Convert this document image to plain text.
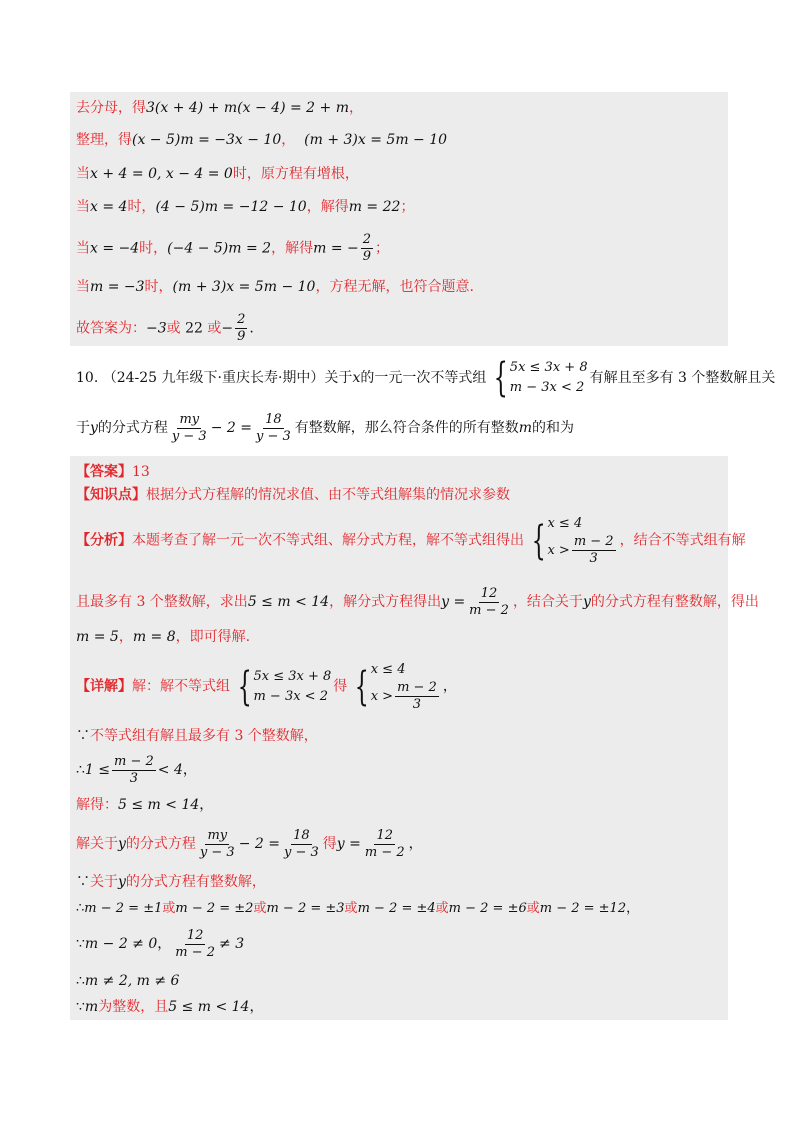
去分母，得3(x + 4) + m(x − 4) = 2 + m，
整理，得(x − 5)m = −3x − 10， (m + 3)x = 5m − 10
当x + 4 = 0, x − 4 = 0时，原方程有增根，
当x = 4时，(4 − 5)m = −12 − 10，解得m = 22；
当x = −4时，(−4 − 5)m = 2，解得m = − $\frac{2}{9}$ ；
当m = −3时，(m + 3)x = 5m − 10，方程无解，也符合题意.
故答案为：−3或 22 或− $\frac{2}{9}$ .
10. （24-25 九年级下·重庆长寿·期中）关于x的一元一次不等式组 { 5x ≤ 3x + 8
m − 3x < 2
有解且至多有 3 个整数解且关
于y的分式方程 $\frac{my}{y - 3} - 2 = \frac{18}{y - 3}$ 有整数解，那么符合条件的所有整数m的和为
【答案】13
【知识点】根据分式方程解的情况求值、由不等式组解集的情况求参数
【分析】本题考查了解一元一次不等式组、解分式方程，解不等式组得出 { x ≤ 4
$x > \frac{m - 2}{3}$ ，结合不等式组有解
且最多有 3 个整数解，求出5 ≤ m < 14，解分式方程得出$y = \frac{12}{m - 2}$ ，结合关于y的分式方程有整数解，得出
m = 5，m = 8，即可得解.
【详解】解：解不等式组 { 5x ≤ 3x + 8
m − 3x < 2
得 { x ≤ 4
$x > \frac{m - 2}{3}$ ，
∵不等式组有解且最多有 3 个整数解，
∴1 ≤ $\frac{m - 2}{3} < 4$，
解得：5 ≤ m < 14，
解关于y的分式方程 $\frac{my}{y - 3} - 2 = \frac{18}{y - 3}$ 得$y = \frac{12}{m - 2}$ ，
∵关于y的分式方程有整数解，
∴m − 2 = ±1或m − 2 = ±2或m − 2 = ±3或m − 2 = ±4或m − 2 = ±6或m − 2 = ±12，
∵m − 2 ≠ 0， $\frac{12}{m - 2} \ne 3$
∴m ≠ 2, m ≠ 6
∵m为整数，且5 ≤ m < 14，
